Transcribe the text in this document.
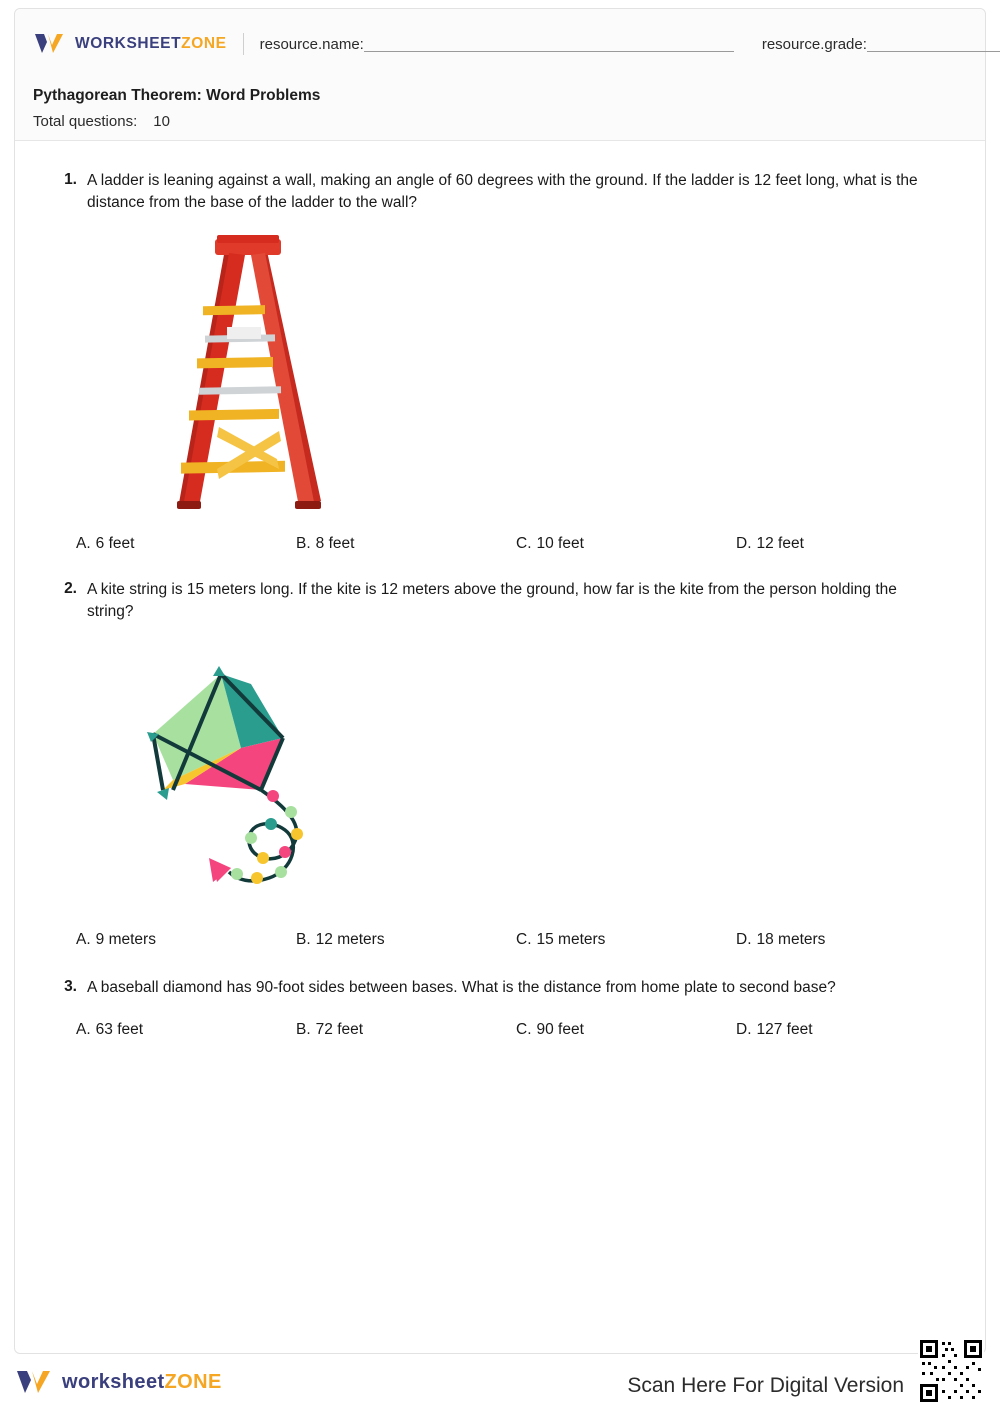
WORKSHEETZONE resource.name:	resource.grade:
Pythagorean Theorem: Word Problems
Total questions: 10
1. A ladder is leaning against a wall, making an angle of 60 degrees with the ground. If the ladder is 12 feet long, what is the distance from the base of the ladder to the wall?
A. 6 feet	B. 8 feet	C. 10 feet	D. 12 feet
2. A kite string is 15 meters long. If the kite is 12 meters above the ground, how far is the kite from the person holding the string?
A. 9 meters	B. 12 meters	C. 15 meters	D. 18 meters
3. A baseball diamond has 90-foot sides between bases. What is the distance from home plate to second base?
A. 63 feet	B. 72 feet	C. 90 feet	D. 127 feet
worksheetZONE	Scan Here For Digital Version
